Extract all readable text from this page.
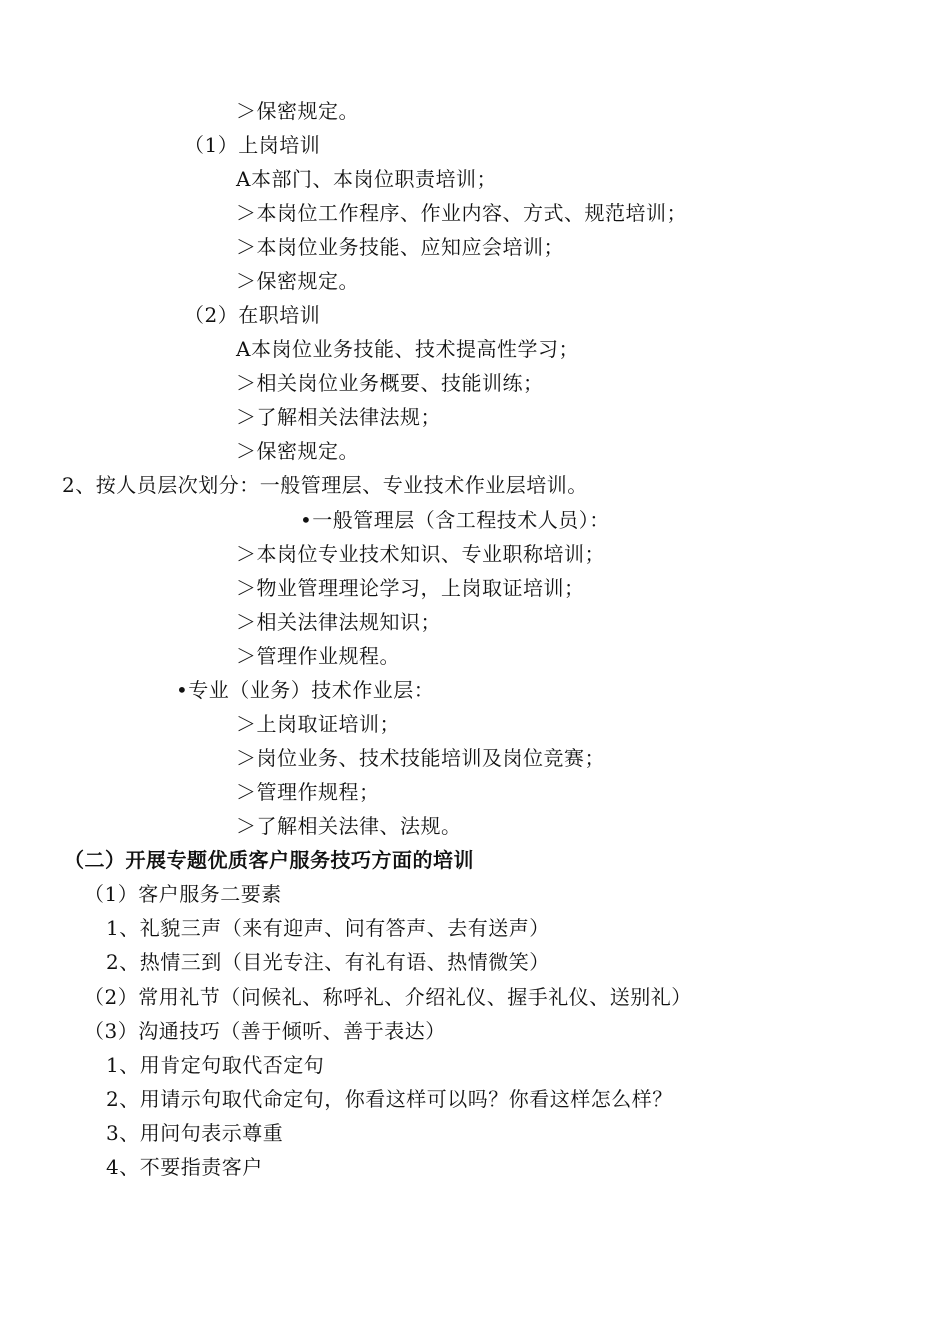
＞保密规定。
（1）上岗培训
A本部门、本岗位职责培训；
＞本岗位工作程序、作业内容、方式、规范培训；
＞本岗位业务技能、应知应会培训；
＞保密规定。
（2）在职培训
A本岗位业务技能、技术提高性学习；
＞相关岗位业务概要、技能训练；
＞了解相关法律法规；
＞保密规定。
2、按人员层次划分：一般管理层、专业技术作业层培训。
•一般管理层（含工程技术人员）：
＞本岗位专业技术知识、专业职称培训；
＞物业管理理论学习，上岗取证培训；
＞相关法律法规知识；
＞管理作业规程。
•专业（业务）技术作业层：
＞上岗取证培训；
＞岗位业务、技术技能培训及岗位竞赛；
＞管理作规程；
＞了解相关法律、法规。
（二）开展专题优质客户服务技巧方面的培训
（1）客户服务二要素
1、礼貌三声（来有迎声、问有答声、去有送声）
2、热情三到（目光专注、有礼有语、热情微笑）
（2）常用礼节（问候礼、称呼礼、介绍礼仪、握手礼仪、送别礼）
（3）沟通技巧（善于倾听、善于表达）
1、用肯定句取代否定句
2、用请示句取代命定句，你看这样可以吗？你看这样怎么样？
3、用问句表示尊重
4、不要指责客户
